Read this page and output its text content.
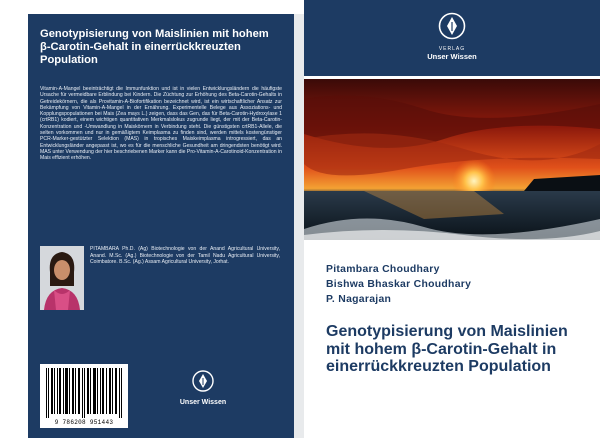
Genotypisierung von Maislinien mit hohem β-Carotin-Gehalt in einerrückkreuzten Population
Vitamin-A-Mangel beeinträchtigt die Immunfunktion und ist in vielen Entwicklungsländern die häufigste Ursache für vermeidbare Erblindung bei Kindern. Die Züchtung zur Erhöhung des Beta-Carotin-Gehalts in Getreidekörnern, die als Provitamin-A-Biofortifikation bezeichnet wird, ist ein wirtschaftlicher Ansatz zur Bekämpfung von Vitamin-A-Mangel in der Ernährung. Experimentelle Belege aus Assoziations- und Kopplungspopulationen bei Mais (Zea mays L.) zeigen, dass das Gen, das für Beta-Carotin-Hydroxylase 1 (crtRB1) kodiert, einem wichtigen quantitativen Merkmalslokus zugrunde liegt, der mit der Beta-Carotin-Konzentration und -Umwandlung in Maiskörnern in Verbindung steht. Die günstigsten crtRB1-Allele, die selten vorkommen und nur in gemäßigtem Keimplasma zu finden sind, werden mittels kostengünstiger PCR-Marker-gestützter Selektion (MAS) in tropisches Maiskeimplasma introgressiert, das an Entwicklungsländer angepasst ist, wo es für die menschliche Gesundheit am dringendsten benötigt wird. MAS unter Verwendung der hier beschriebenen Marker kann die Pro-Vitamin-A-Carotinoid-Konzentration in Mais effizient erhöhen.
PITAMBARA Ph.D. (Ag) Biotechnologie von der Anand Agricultural University, Anand. M.Sc. (Ag.) Biotechnologie von der Tamil Nadu Agricultural University, Coimbatore. B.Sc. (Ag.) Assam Agricultural University, Jorhat.
9 786208 951443
Unser Wissen
VERLAG
Unser Wissen
Pitambara Choudhary
Bishwa Bhaskar Choudhary
P. Nagarajan
Genotypisierung von Maislinien mit hohem β-Carotin-Gehalt in einerrückkreuzten Population
